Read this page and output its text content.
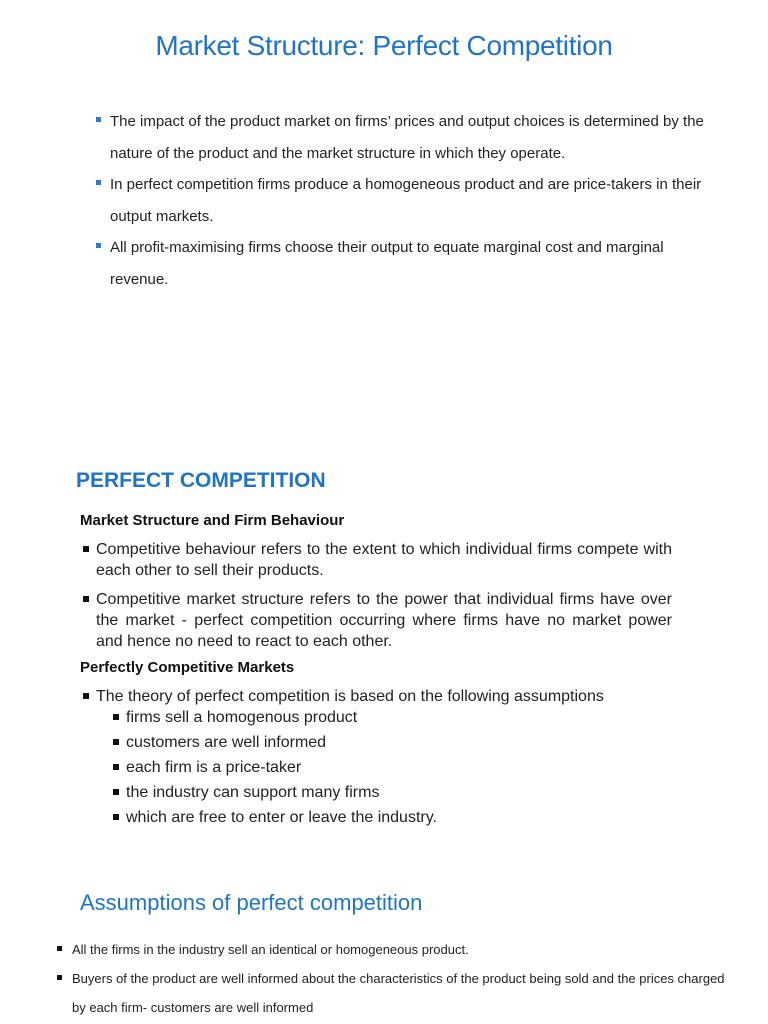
Market Structure: Perfect Competition
The impact of the product market on firms’ prices and output choices is determined by the nature of the product and the market structure in which they operate.
In perfect competition firms produce a homogeneous product and are price-takers in their output markets.
All profit-maximising firms choose their output to equate marginal cost and marginal revenue.
PERFECT COMPETITION

Market Structure and Firm Behaviour

Competitive behaviour refers to the extent to which individual firms compete with each other to sell their products.
Competitive market structure refers to the power that individual firms have over the market - perfect competition occurring where firms have no market power and hence no need to react to each other.

Perfectly Competitive Markets

The theory of perfect competition is based on the following assumptions
firms sell a homogenous product
customers are well informed
each firm is a price-taker
the industry can support many firms
which are free to enter or leave the industry.
Assumptions of perfect competition
All the firms in the industry sell an identical or homogeneous product.
Buyers of the product are well informed about the characteristics of the product being sold and the prices charged by each firm- customers are well informed
